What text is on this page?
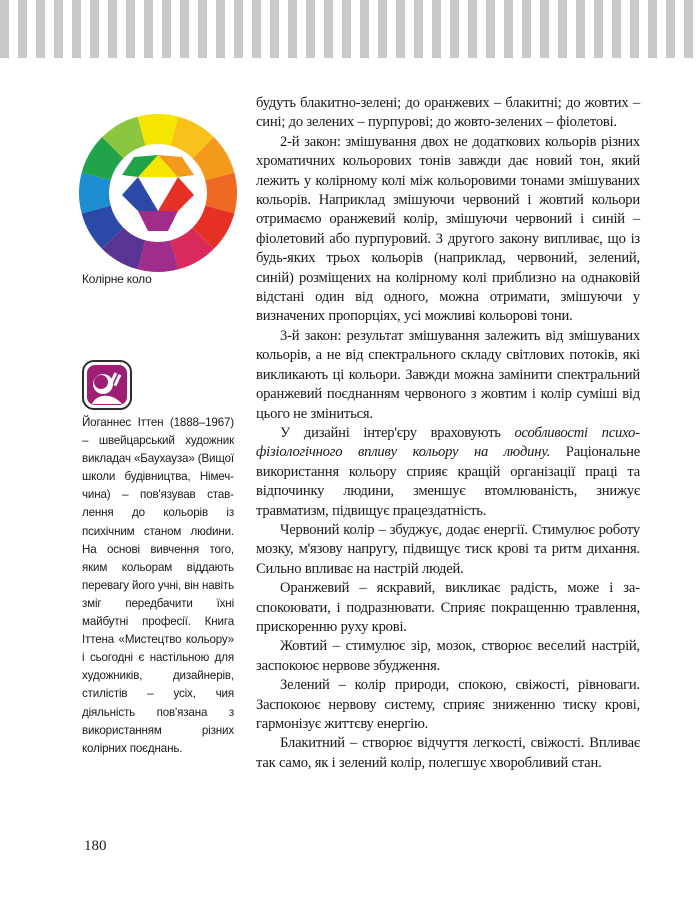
Колірне коло
Йоганнес Іттен (1888–1967) – швейцарський художник викладач «Баухауза» (Вищої школи будівництва, Німеччина) – пов'язував ставлення до кольорів із психічним станом люdини. На основі вивчення того, яким кольорам віддають перевагу його учні, він навіть зміг передбачити їхні майбутні професії. Книга Іттена «Мистецтво кольору» і сьогодні є настільною для художників, дизайнерів, стилістів – усіх, чия діяльність пов'язана з використанням різних колірних поєднань.

будуть блакитно-зелені; до оранжевих – блакитні; до жовтих – сині; до зелених – пурпурові; до жовто-зелених – фіолетові.

2-й закон: змішування двох не додаткових кольорів різних хроматичних кольорових тонів завжди дає новий тон, який лежить у колірному колі між кольоровими тонами змішуваних кольорів. Наприклад змішуючи червоний і жовтий кольори отримаємо оранжевий колір, змішуючи червоний і синій – фіолетовий або пурпуровий. З другого закону випливає, що із будь-яких трьох кольорів (наприклад, червоний, зелений, синій) розміщених на колірному колі приблизно на однаковій відстані один від одного, можна отримати, змішуючи у визначених пропорціях, усі можливі кольорові тони.

3-й закон: результат змішування залежить від змішуваних кольорів, а не від спектрального складу світлових потоків, які викликають ці кольори. Завжди можна замінити спектральний оранжевий поєднанням червоного з жовтим і колір суміші від цього не зміниться.

У дизайні інтер'єру враховують особливості психофізіологічного впливу кольору на людину. Раціональне використання кольору сприяє кращій організації праці та відпочинку людини, зменшує втомлюваність, знижує травматизм, підвищує працездатність.

Червоний колір – збуджує, додає енергії. Стимулює роботу мозку, м'язову напругу, підвищує тиск крові та ритм дихання. Сильно впливає на настрій людей.

Оранжевий – яскравий, викликає радість, може і заспокоювати, і подразнювати. Сприяє покращенню травлення, прискоренню руху крові.

Жовтий – стимулює зір, мозок, створює веселий настрій, заспокоює нервове збудження.

Зелений – колір природи, спокою, свіжості, рівноваги. Заспокоює нервову систему, сприяє зниженню тиску крові, гармонізує життєву енергію.

Блакитний – створює відчуття легкості, свіжості. Впливає так само, як і зелений колір, полегшує хворобливий стан.

180
